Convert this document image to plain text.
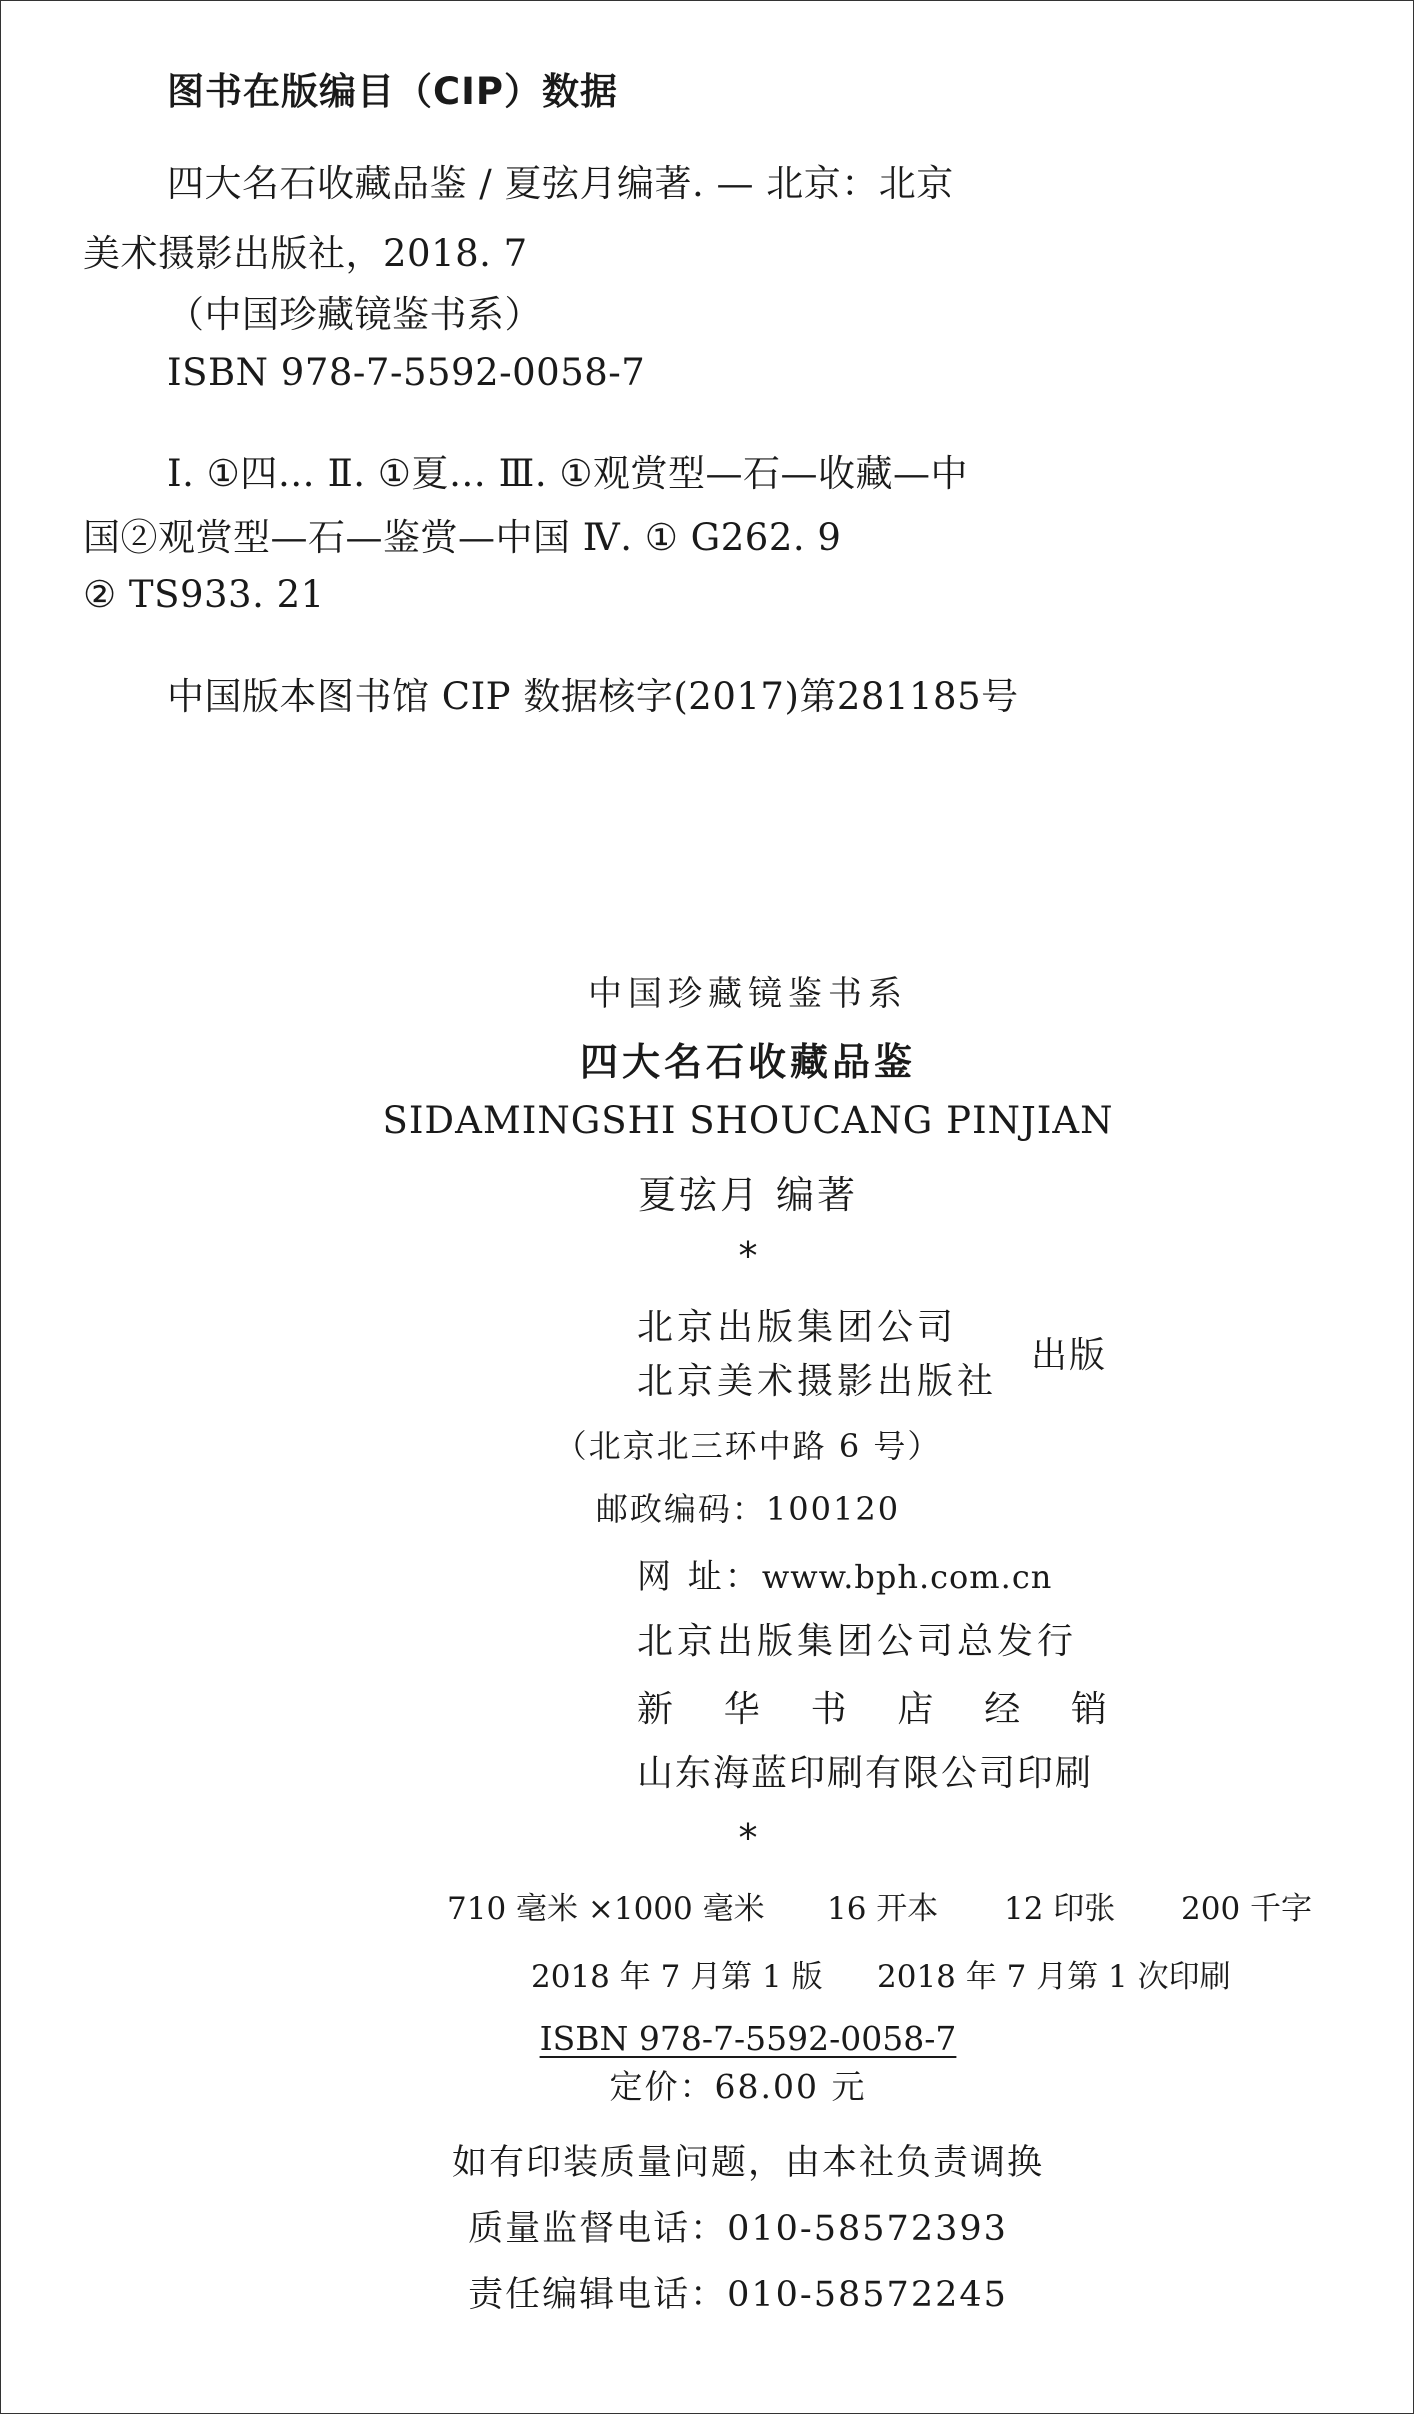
图书在版编目（CIP）数据
四大名石收藏品鉴 / 夏弦月编著. — 北京：北京
美术摄影出版社，2018. 7
（中国珍藏镜鉴书系）
ISBN 978-7-5592-0058-7
Ⅰ. ①四… Ⅱ. ①夏… Ⅲ. ①观赏型—石—收藏—中
国②观赏型—石—鉴赏—中国 Ⅳ. ① G262. 9
② TS933. 21
中国版本图书馆 CIP 数据核字(2017)第281185号
中国珍藏镜鉴书系
四大名石收藏品鉴
SIDAMINGSHI SHOUCANG PINJIAN
夏弦月 编著
*
北京出版集团公司
北京美术摄影出版社
出版
（北京北三环中路 6 号）
邮政编码：100120
网 址：www.bph.com.cn
北京出版集团公司总发行
新 华 书 店 经 销
山东海蓝印刷有限公司印刷
*
710 毫米 ×1000 毫米 16 开本 12 印张 200 千字
2018 年 7 月第 1 版 2018 年 7 月第 1 次印刷
ISBN 978-7-5592-0058-7
定价：68.00 元
如有印装质量问题，由本社负责调换
质量监督电话：010-58572393
责任编辑电话：010-58572245
